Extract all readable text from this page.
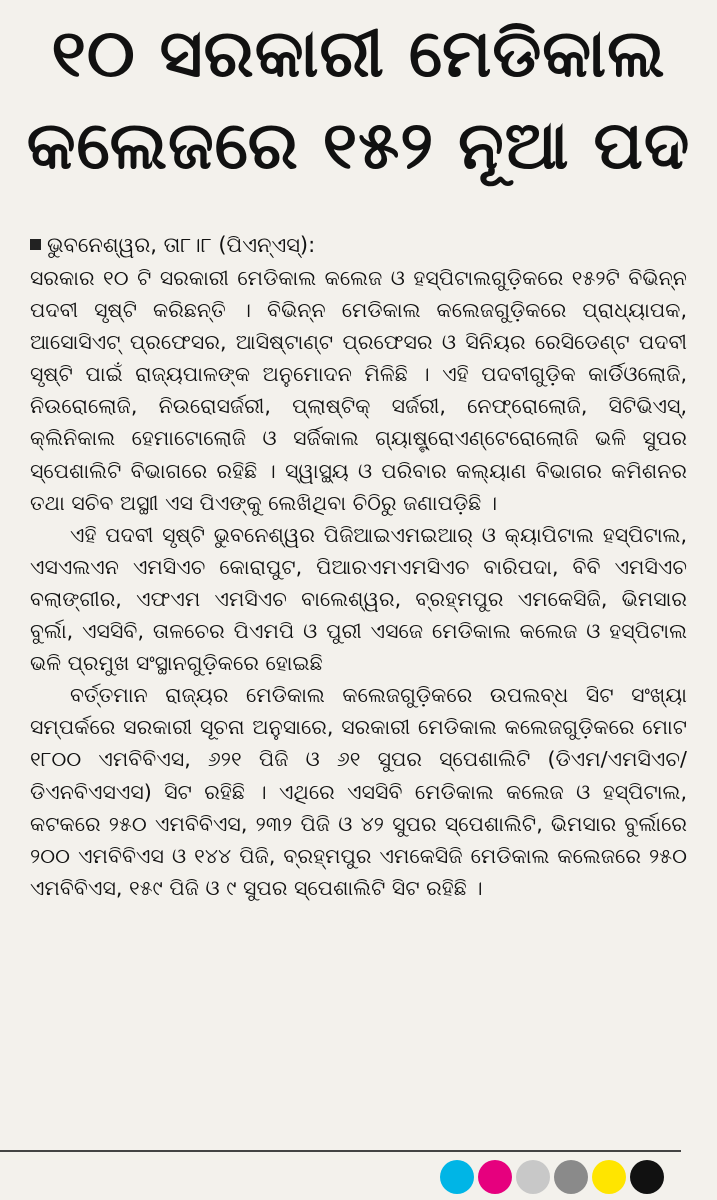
୧୦ ସରକାରୀ ମେଡିକାଲ
କଲେଜରେ ୧୫୨ ନୂଆ ପଦ
ଭୁବନେଶ୍ୱର, ତା୮।୮ (ପିଏନ୍ଏସ୍):

ସରକାର ୧୦ ଟି ସରକାରୀ ମେଡିକାଲ କଲେଜ ଓ ହସ୍ପିଟାଲଗୁଡ଼ିକରେ ୧୫୨ଟି ବିଭିନ୍ନ ପଦବୀ ସୃଷ୍ଟି କରିଛନ୍ତି । ବିଭିନ୍ନ ମେଡିକାଲ କଲେଜଗୁଡ଼ିକରେ ପ୍ରାଧ୍ୟାପକ, ଆସୋସିଏଟ୍ ପ୍ରଫେସର, ଆସିଷ୍ଟାଣ୍ଟ ପ୍ରଫେସର ଓ ସିନିୟର ରେସିଡେଣ୍ଟ ପଦବୀ ସୃଷ୍ଟି ପାଇଁ ରାଜ୍ୟପାଳଙ୍କ ଅନୁମୋଦନ ମିଳିଛି । ଏହି ପଦବୀଗୁଡ଼ିକ କାର୍ଡିଓଲୋଜି, ନିଉରୋଲୋଜି, ନିଉରୋସର୍ଜରୀ, ପ୍ଲାଷ୍ଟିକ୍ ସର୍ଜରୀ, ନେଫ୍ରୋଲୋଜି, ସିଟିଭିଏସ୍, କ୍ଲିନିକାଲ ହେମାଟୋଲୋଜି ଓ ସର୍ଜିକାଲ ଗ୍ୟାଷ୍ଟ୍ରୋଏଣ୍ଟେରୋଲୋଜି ଭଳି ସୁପର ସ୍ପେଶାଲିଟି ବିଭାଗରେ ରହିଛି । ସ୍ୱାସ୍ଥ୍ୟ ଓ ପରିବାର କଲ୍ୟାଣ ବିଭାଗର କମିଶନର ତଥା ସଚିବ ଅସ୍ଥାୀ ଏସ ପିଏଙ୍କୁ ଲେଖିଥିବା ଚିଠିରୁ ଜଣାପଡ଼ିଛି ।

ଏହି ପଦବୀ ସୃଷ୍ଟି ଭୁବନେଶ୍ୱର ପିଜିଆଇଏମଇଆର୍ ଓ କ୍ୟାପିଟାଲ ହସ୍ପିଟାଲ, ଏସଏଲଏନ ଏମସିଏଚ କୋରାପୁଟ, ପିଆରଏମଏମସିଏଚ ବାରିପଦା, ବିବି ଏମସିଏଚ ବଲାଙ୍ଗୀର, ଏଫଏମ ଏମସିଏଚ ବାଲେଶ୍ୱର, ବ୍ରହ୍ମପୁର ଏମକେସିଜି, ଭିମସାର ବୁର୍ଲା, ଏସସିବି, ତାଳଚେର ପିଏମପି ଓ ପୁରୀ ଏସଜେ ମେଡିକାଲ କଲେଜ ଓ ହସ୍ପିଟାଲ ଭଳି ପ୍ରମୁଖ ସଂସ୍ଥାନଗୁଡ଼ିକରେ ହୋଇଛି

ବର୍ତ୍ତମାନ ରାଜ୍ୟର ମେଡିକାଲ କଲେଜଗୁଡ଼ିକରେ ଉପଲବ୍ଧ ସିଟ ସଂଖ୍ୟା ସମ୍ପର୍କରେ ସରକାରୀ ସୂଚନା ଅନୁସାରେ, ସରକାରୀ ମେଡିକାଲ କଲେଜଗୁଡ଼ିକରେ ମୋଟ ୧୮୦୦ ଏମବିବିଏସ, ୬୨୧ ପିଜି ଓ ୬୧ ସୁପର ସ୍ପେଶାଲିଟି (ଡିଏମ/ଏମସିଏଚ/ଡିଏନବିଏସଏସ) ସିଟ ରହିଛି । ଏଥିରେ ଏସସିବି ମେଡିକାଲ କଲେଜ ଓ ହସ୍ପିଟାଲ, କଟକରେ ୨୫୦ ଏମବିବିଏସ, ୨୩୨ ପିଜି ଓ ୪୨ ସୁପର ସ୍ପେଶାଲିଟି, ଭିମସାର ବୁର୍ଲାରେ ୨୦୦ ଏମବିବିଏସ ଓ ୧୪୪ ପିଜି, ବ୍ରହ୍ମପୁର ଏମକେସିଜି ମେଡିକାଲ କଲେଜରେ ୨୫୦ ଏମବିବିଏସ, ୧୫୯ ପିଜି ଓ ୯ ସୁପର ସ୍ପେଶାଲିଟି ସିଟ ରହିଛି ।
